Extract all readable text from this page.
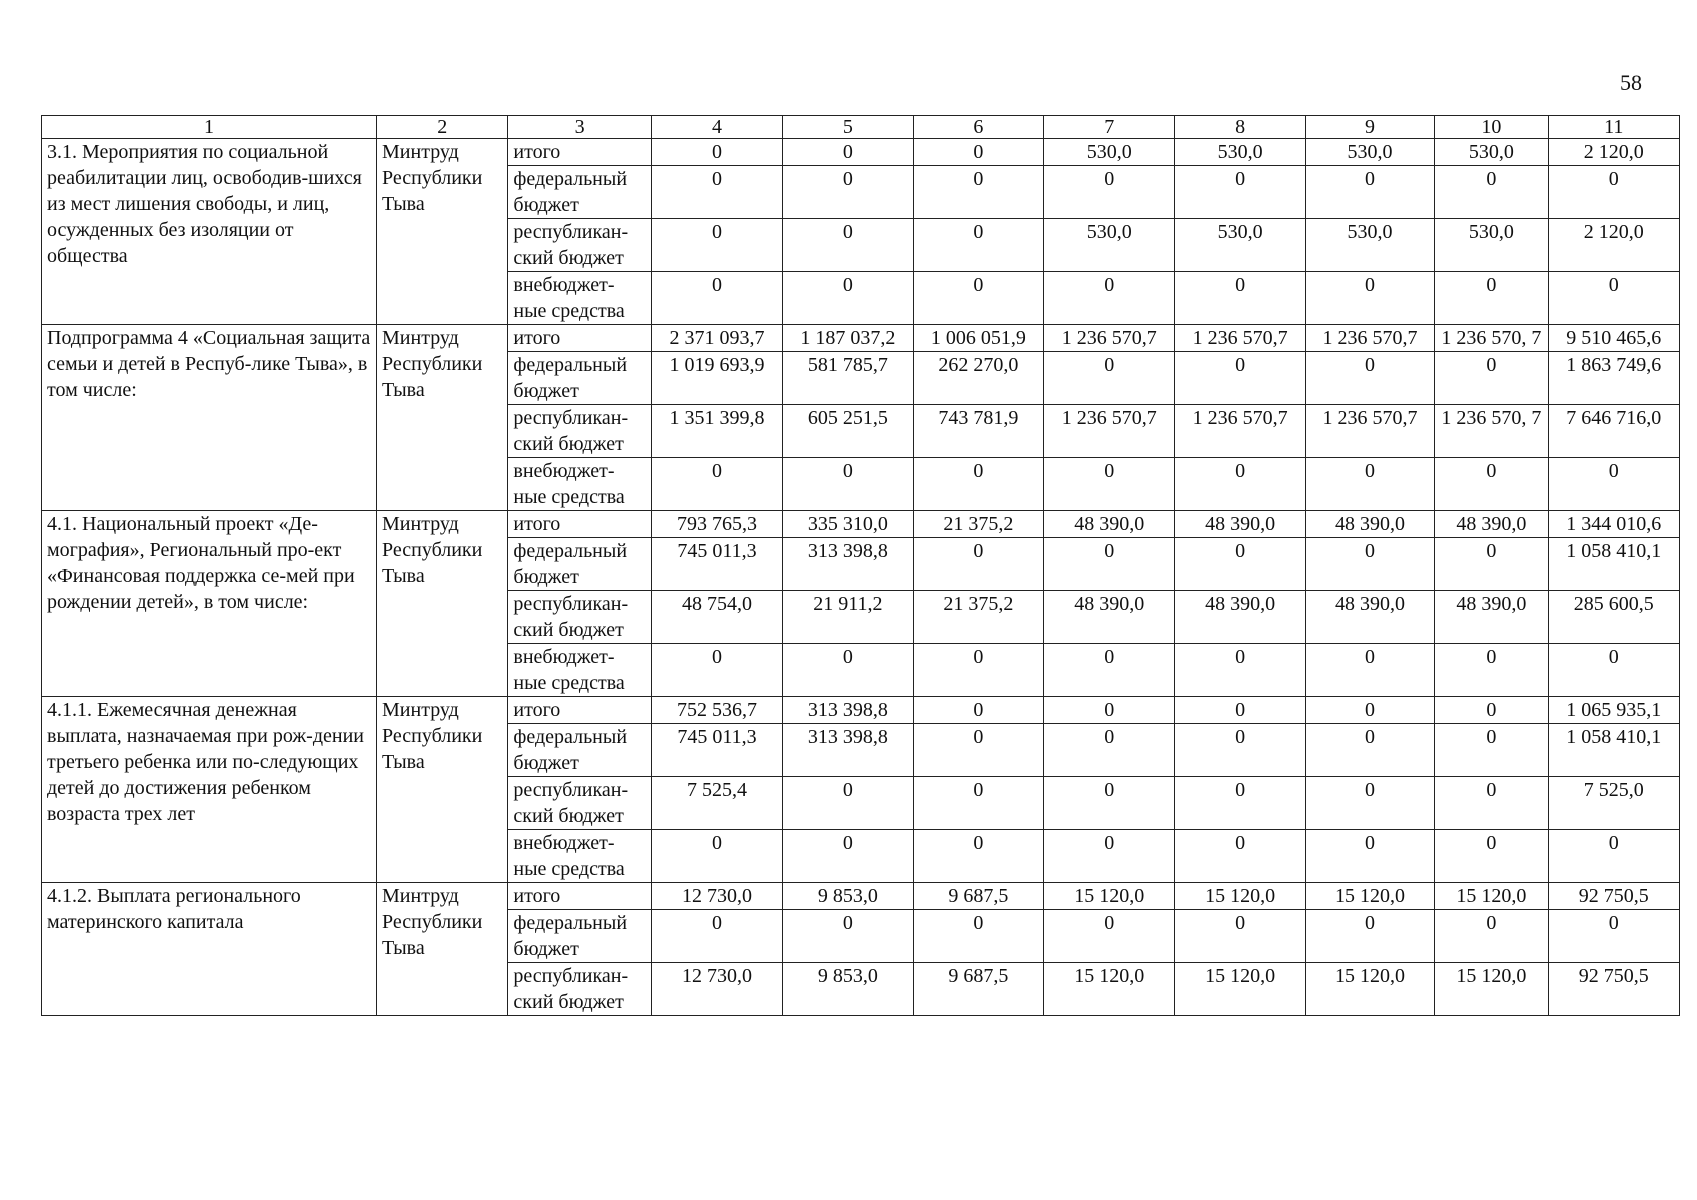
58
1	2	3	4	5	6	7	8	9	10	11
3.1. Мероприятия по социальной реабилитации лиц, освободив-шихся из мест лишения свободы, и лиц, осужденных без изоляции от общества	Минтруд Республики Тыва	итого	0	0	0	530,0	530,0	530,0	530,0	2 120,0
		федеральный бюджет	0	0	0	0	0	0	0	0
		республикан-ский бюджет	0	0	0	530,0	530,0	530,0	530,0	2 120,0
		внебюджет-ные средства	0	0	0	0	0	0	0	0
Подпрограмма 4 «Социальная защита семьи и детей в Респуб-лике Тыва», в том числе:	Минтруд Республики Тыва	итого	2 371 093,7	1 187 037,2	1 006 051,9	1 236 570,7	1 236 570,7	1 236 570,7	1 236 570, 7	9 510 465,6
		федеральный бюджет	1 019 693,9	581 785,7	262 270,0	0	0	0	0	1 863 749,6
		республикан-ский бюджет	1 351 399,8	605 251,5	743 781,9	1 236 570,7	1 236 570,7	1 236 570,7	1 236 570, 7	7 646 716,0
		внебюджет-ные средства	0	0	0	0	0	0	0	0
4.1. Национальный проект «Де-мография», Региональный про-ект «Финансовая поддержка се-мей при рождении детей», в том числе:	Минтруд Республики Тыва	итого	793 765,3	335 310,0	21 375,2	48 390,0	48 390,0	48 390,0	48 390,0	1 344 010,6
		федеральный бюджет	745 011,3	313 398,8	0	0	0	0	0	1 058 410,1
		республикан-ский бюджет	48 754,0	21 911,2	21 375,2	48 390,0	48 390,0	48 390,0	48 390,0	285 600,5
		внебюджет-ные средства	0	0	0	0	0	0	0	0
4.1.1. Ежемесячная денежная выплата, назначаемая при рож-дении третьего ребенка или по-следующих детей до достижения ребенком возраста трех лет	Минтруд Республики Тыва	итого	752 536,7	313 398,8	0	0	0	0	0	1 065 935,1
		федеральный бюджет	745 011,3	313 398,8	0	0	0	0	0	1 058 410,1
		республикан-ский бюджет	7 525,4	0	0	0	0	0	0	7 525,0
		внебюджет-ные средства	0	0	0	0	0	0	0	0
4.1.2. Выплата регионального материнского капитала	Минтруд Республики Тыва	итого	12 730,0	9 853,0	9 687,5	15 120,0	15 120,0	15 120,0	15 120,0	92 750,5
		федеральный бюджет	0	0	0	0	0	0	0	0
		республикан-ский бюджет	12 730,0	9 853,0	9 687,5	15 120,0	15 120,0	15 120,0	15 120,0	92 750,5
